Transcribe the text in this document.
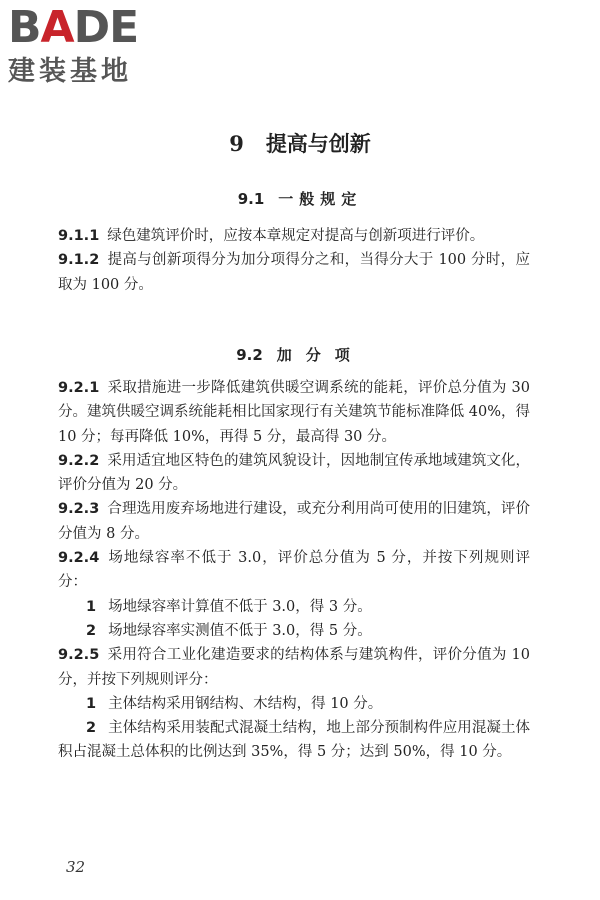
BADE
建装基地
9 提高与创新
9.1 一般规定

9.1.1 绿色建筑评价时，应按本章规定对提高与创新项进行评价。

9.1.2 提高与创新项得分为加分项得分之和，当得分大于 100 分时，应取为 100 分。

9.2 加分项

9.2.1 采取措施进一步降低建筑供暖空调系统的能耗，评价总分值为 30 分。建筑供暖空调系统能耗相比国家现行有关建筑节能标准降低 40%，得 10 分；每再降低 10%，再得 5 分，最高得 30 分。

9.2.2 采用适宜地区特色的建筑风貌设计，因地制宜传承地域建筑文化，评价分值为 20 分。

9.2.3 合理选用废弃场地进行建设，或充分利用尚可使用的旧建筑，评价分值为 8 分。

9.2.4 场地绿容率不低于 3.0，评价总分值为 5 分，并按下列规则评分：

1 场地绿容率计算值不低于 3.0，得 3 分。

2 场地绿容率实测值不低于 3.0，得 5 分。

9.2.5 采用符合工业化建造要求的结构体系与建筑构件，评价分值为 10 分，并按下列规则评分：

1 主体结构采用钢结构、木结构，得 10 分。

2 主体结构采用装配式混凝土结构，地上部分预制构件应用混凝土体积占混凝土总体积的比例达到 35%，得 5 分；达到 50%，得 10 分。

32
